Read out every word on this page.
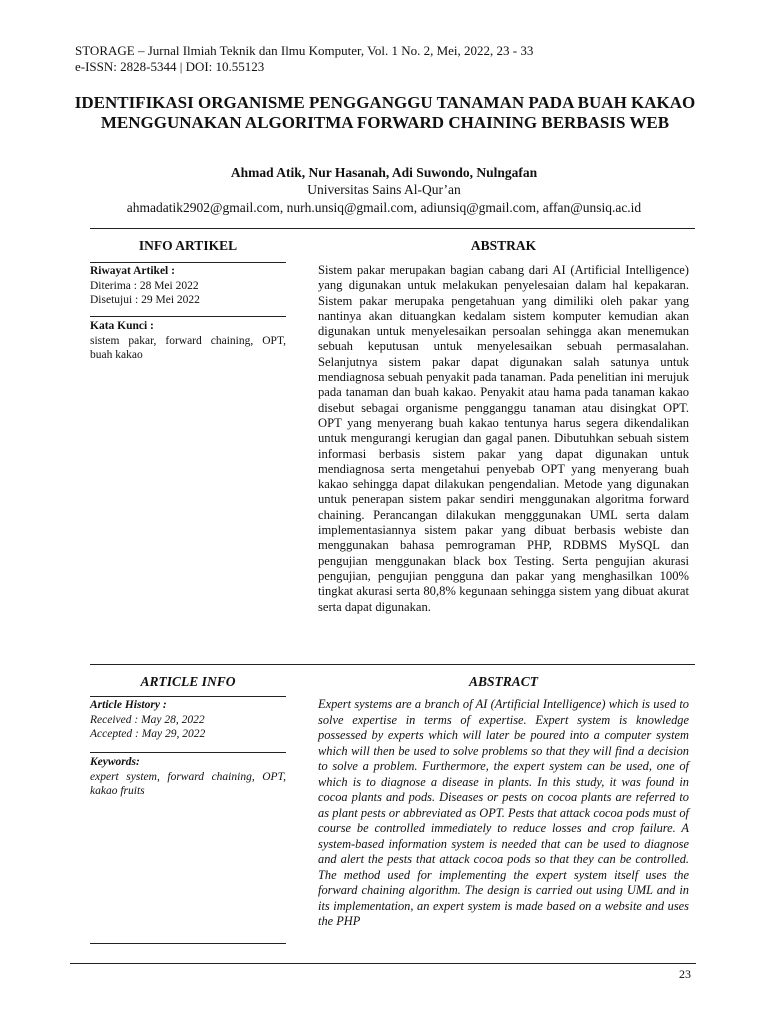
STORAGE – Jurnal Ilmiah Teknik dan Ilmu Komputer, Vol. 1 No. 2, Mei, 2022, 23 - 33
e-ISSN: 2828-5344 | DOI: 10.55123
IDENTIFIKASI ORGANISME PENGGANGGU TANAMAN PADA BUAH KAKAO MENGGUNAKAN ALGORITMA FORWARD CHAINING BERBASIS WEB
Ahmad Atik, Nur Hasanah, Adi Suwondo, Nulngafan
Universitas Sains Al-Qur’an
ahmadatik2902@gmail.com, nurh.unsiq@gmail.com, adiunsiq@gmail.com, affan@unsiq.ac.id
INFO ARTIKEL	ABSTRAK
Riwayat Artikel :
Diterima : 28 Mei 2022
Disetujui : 29 Mei 2022
Kata Kunci :
sistem pakar, forward chaining, OPT, buah kakao
Sistem pakar merupakan bagian cabang dari AI (Artificial Intelligence) yang digunakan untuk melakukan penyelesaian dalam hal kepakaran. Sistem pakar merupaka pengetahuan yang dimiliki oleh pakar yang nantinya akan dituangkan kedalam sistem komputer kemudian akan digunakan untuk menyelesaikan persoalan sehingga akan menemukan sebuah keputusan untuk menyelesaikan sebuah permasalahan. Selanjutnya sistem pakar dapat digunakan salah satunya untuk mendiagnosa sebuah penyakit pada tanaman. Pada penelitian ini merujuk pada tanaman dan buah kakao. Penyakit atau hama pada tanaman kakao disebut sebagai organisme pengganggu tanaman atau disingkat OPT. OPT yang menyerang buah kakao tentunya harus segera dikendalikan untuk mengurangi kerugian dan gagal panen. Dibutuhkan sebuah sistem informasi berbasis sistem pakar yang dapat digunakan untuk mendiagnosa serta mengetahui penyebab OPT yang menyerang buah kakao sehingga dapat dilakukan pengendalian. Metode yang digunakan untuk penerapan sistem pakar sendiri menggunakan algoritma forward chaining. Perancangan dilakukan mengggunakan UML serta dalam implementasiannya sistem pakar yang dibuat berbasis webiste dan menggunakan bahasa pemrograman PHP, RDBMS MySQL dan pengujian menggunakan black box Testing. Serta pengujian akurasi pengujian, pengujian pengguna dan pakar yang menghasilkan 100% tingkat akurasi serta 80,8% kegunaan sehingga sistem yang dibuat akurat serta dapat digunakan.
ARTICLE INFO	ABSTRACT
Article History :
Received : May 28, 2022
Accepted : May 29, 2022
Keywords:
expert system, forward chaining, OPT, kakao fruits
Expert systems are a branch of AI (Artificial Intelligence) which is used to solve expertise in terms of expertise. Expert system is knowledge possessed by experts which will later be poured into a computer system which will then be used to solve problems so that they will find a decision to solve a problem. Furthermore, the expert system can be used, one of which is to diagnose a disease in plants. In this study, it was found in cocoa plants and pods. Diseases or pests on cocoa plants are referred to as plant pests or abbreviated as OPT. Pests that attack cocoa pods must of course be controlled immediately to reduce losses and crop failure. A system-based information system is needed that can be used to diagnose and alert the pests that attack cocoa pods so that they can be controlled. The method used for implementing the expert system itself uses the forward chaining algorithm. The design is carried out using UML and in its implementation, an expert system is made based on a website and uses the PHP
23
